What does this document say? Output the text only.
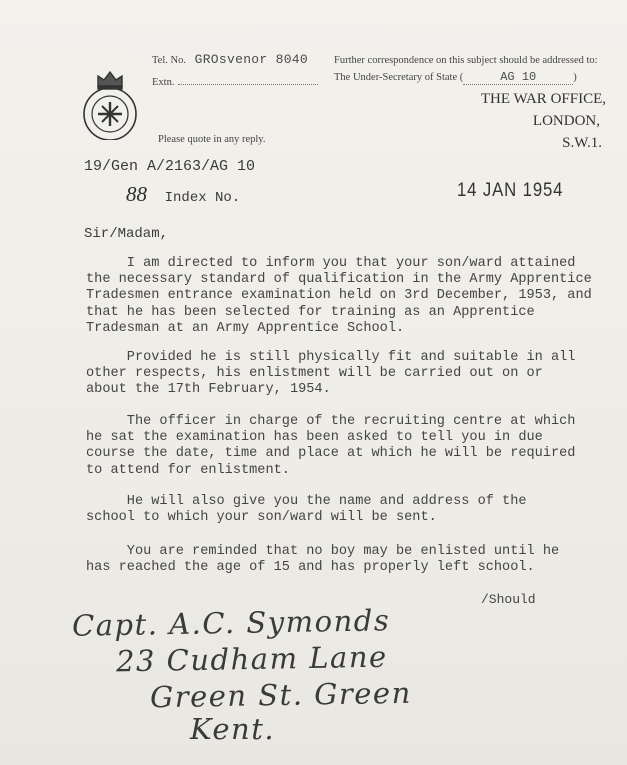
Tel. No. GROsvenor 8040
Extn.
Further correspondence on this subject should be addressed to:
The Under-Secretary of State (	AG 10	)
THE WAR OFFICE,
LONDON,
S.W.1.
Please quote in any reply.
19/Gen A/2163/AG 10
88 Index No.	14 JAN 1954
Sir/Madam,

I am directed to inform you that your son/ward attained
the necessary standard of qualification in the Army Apprentice
Tradesmen entrance examination held on 3rd December, 1953, and
that he has been selected for training as an Apprentice
Tradesman at an Army Apprentice School.

Provided he is still physically fit and suitable in all
other respects, his enlistment will be carried out on or
about the 17th February, 1954.

The officer in charge of the recruiting centre at which
he sat the examination has been asked to tell you in due
course the date, time and place at which he will be required
to attend for enlistment.

He will also give you the name and address of the
school to which your son/ward will be sent.

You are reminded that no boy may be enlisted until he
has reached the age of 15 and has properly left school.

/Should
Capt. A.C. Symonds
23 Cudham Lane
Green St. Green
Kent.
